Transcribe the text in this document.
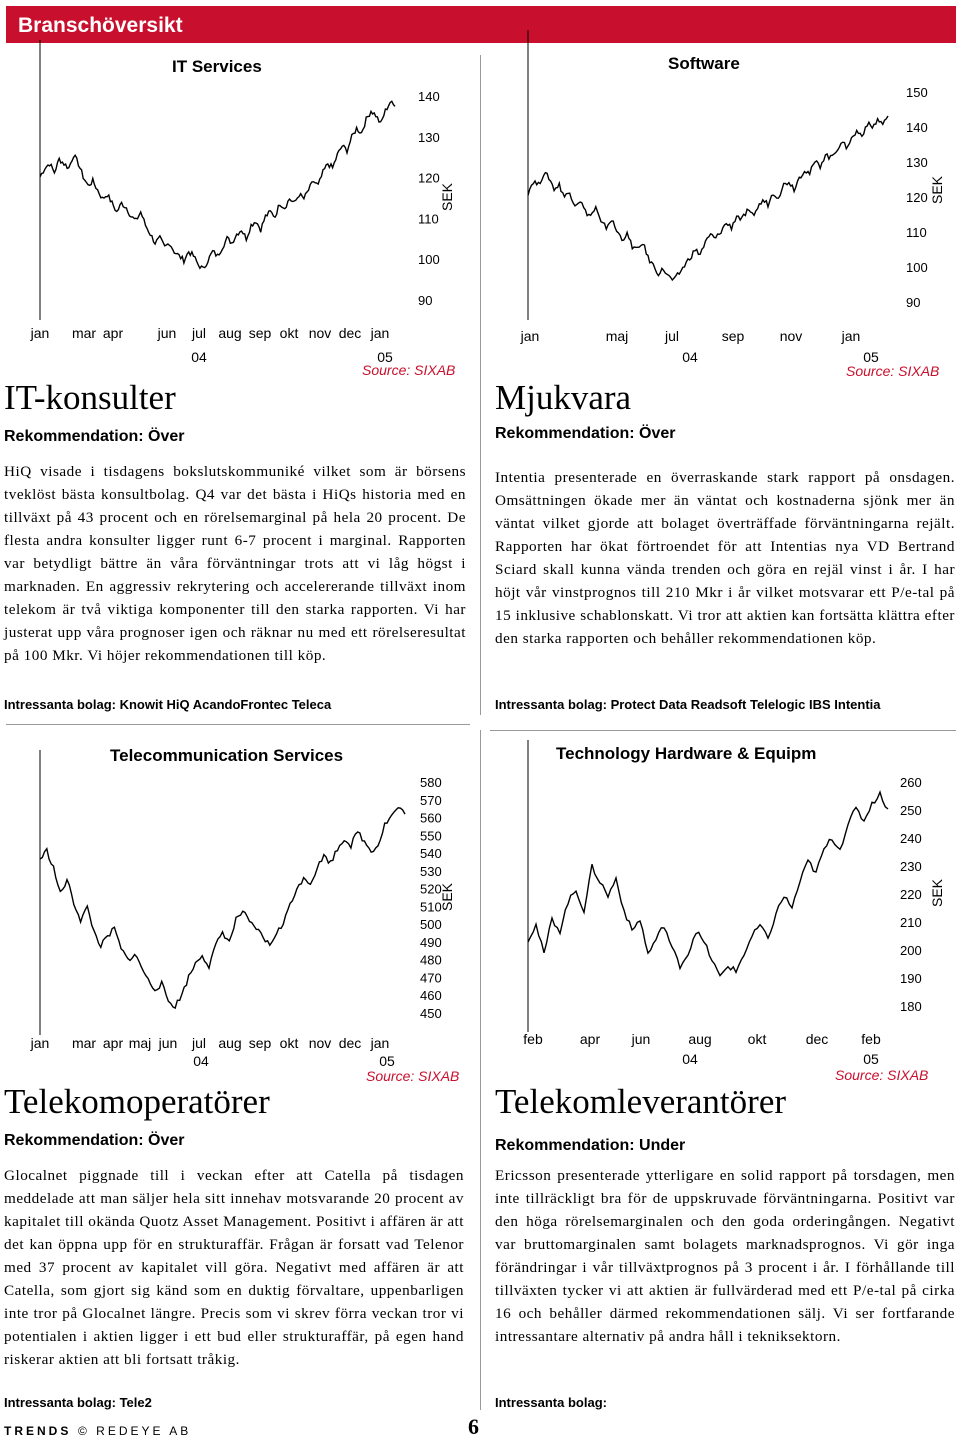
Branschöversikt
IT Services	Software
Telecommunication Services	Technology Hardware & Equipm
140
130
120
110
100
90
SEK
jan mar apr jun jul aug sep okt nov dec jan
04	05
150
140
130
120
110
100
90
SEK
jan	maj	jul	sep	nov	jan
04	05
580
570
560
550
540
530
520
510
500
490
480
470
460
450
SEK
jan mar apr maj jun jul aug sep okt nov dec jan
04	05
260
250
240
230
220
210
200
190
180
SEK
feb	apr jun	aug	okt	dec feb
04	05
Source: SIXAB	Source: SIXAB
Source: SIXAB	Source: SIXAB
IT-konsulter
Rekommendation: Över
HiQ visade i tisdagens bokslutskommuniké vilket som är börsens tveklöst bästa konsultbolag. Q4 var det bästa i HiQs historia med en tillväxt på 43 procent och en rörelsemarginal på hela 20 procent. De flesta andra konsulter ligger runt 6-7 procent i marginal. Rapporten var betydligt bättre än våra förväntningar trots att vi låg högst i marknaden. En aggressiv rekrytering och accelererande tillväxt inom telekom är två viktiga komponenter till den starka rapporten. Vi har justerat upp våra prognoser igen och räknar nu med ett rörelseresultat på 100 Mkr. Vi höjer rekommendationen till köp.
Intressanta bolag: Knowit HiQ AcandoFrontec Teleca
Mjukvara
Rekommendation: Över
Intentia presenterade en överraskande stark rapport på onsdagen. Omsättningen ökade mer än väntat och kostnaderna sjönk mer än väntat vilket gjorde att bolaget överträffade förväntningarna rejält. Rapporten har ökat förtroendet för att Intentias nya VD Bertrand Sciard skall kunna vända trenden och göra en rejäl vinst i år. I har höjt vår vinstprognos till 210 Mkr i år vilket motsvarar ett P/e-tal på 15 inklusive schablonskatt. Vi tror att aktien kan fortsätta klättra efter den starka rapporten och behåller rekommendationen köp.
Intressanta bolag: Protect Data Readsoft Telelogic IBS Intentia
Telekomoperatörer
Rekommendation: Över
Glocalnet piggnade till i veckan efter att Catella på tisdagen meddelade att man säljer hela sitt innehav motsvarande 20 procent av kapitalet till okända Quotz Asset Management. Positivt i affären är att det kan öppna upp för en strukturaffär. Frågan är forsatt vad Telenor med 37 procent av kapitalet vill göra. Negativt med affären är att Catella, som gjort sig känd som en duktig förvaltare, uppenbarligen inte tror på Glocalnet längre. Precis som vi skrev förra veckan tror vi potentialen i aktien ligger i ett bud eller strukturaffär, på egen hand riskerar aktien att bli fortsatt tråkig.
Intressanta bolag: Tele2
Telekomleverantörer
Rekommendation: Under
Ericsson presenterade ytterligare en solid rapport på torsdagen, men inte tillräckligt bra för de uppskruvade förväntningarna. Positivt var den höga rörelsemarginalen och den goda orderingången. Negativt var bruttomarginalen samt bolagets marknadsprognos. Vi gör inga förändringar i vår tillväxtprognos på 3 procent i år. I förhållande till tillväxten tycker vi att aktien är fullvärderad med ett P/e-tal på cirka 16 och behåller därmed rekommendationen sälj. Vi ser fortfarande intressantare alternativ på andra håll i tekniksektorn.
Intressanta bolag:
TRENDS © REDEYE AB	6
